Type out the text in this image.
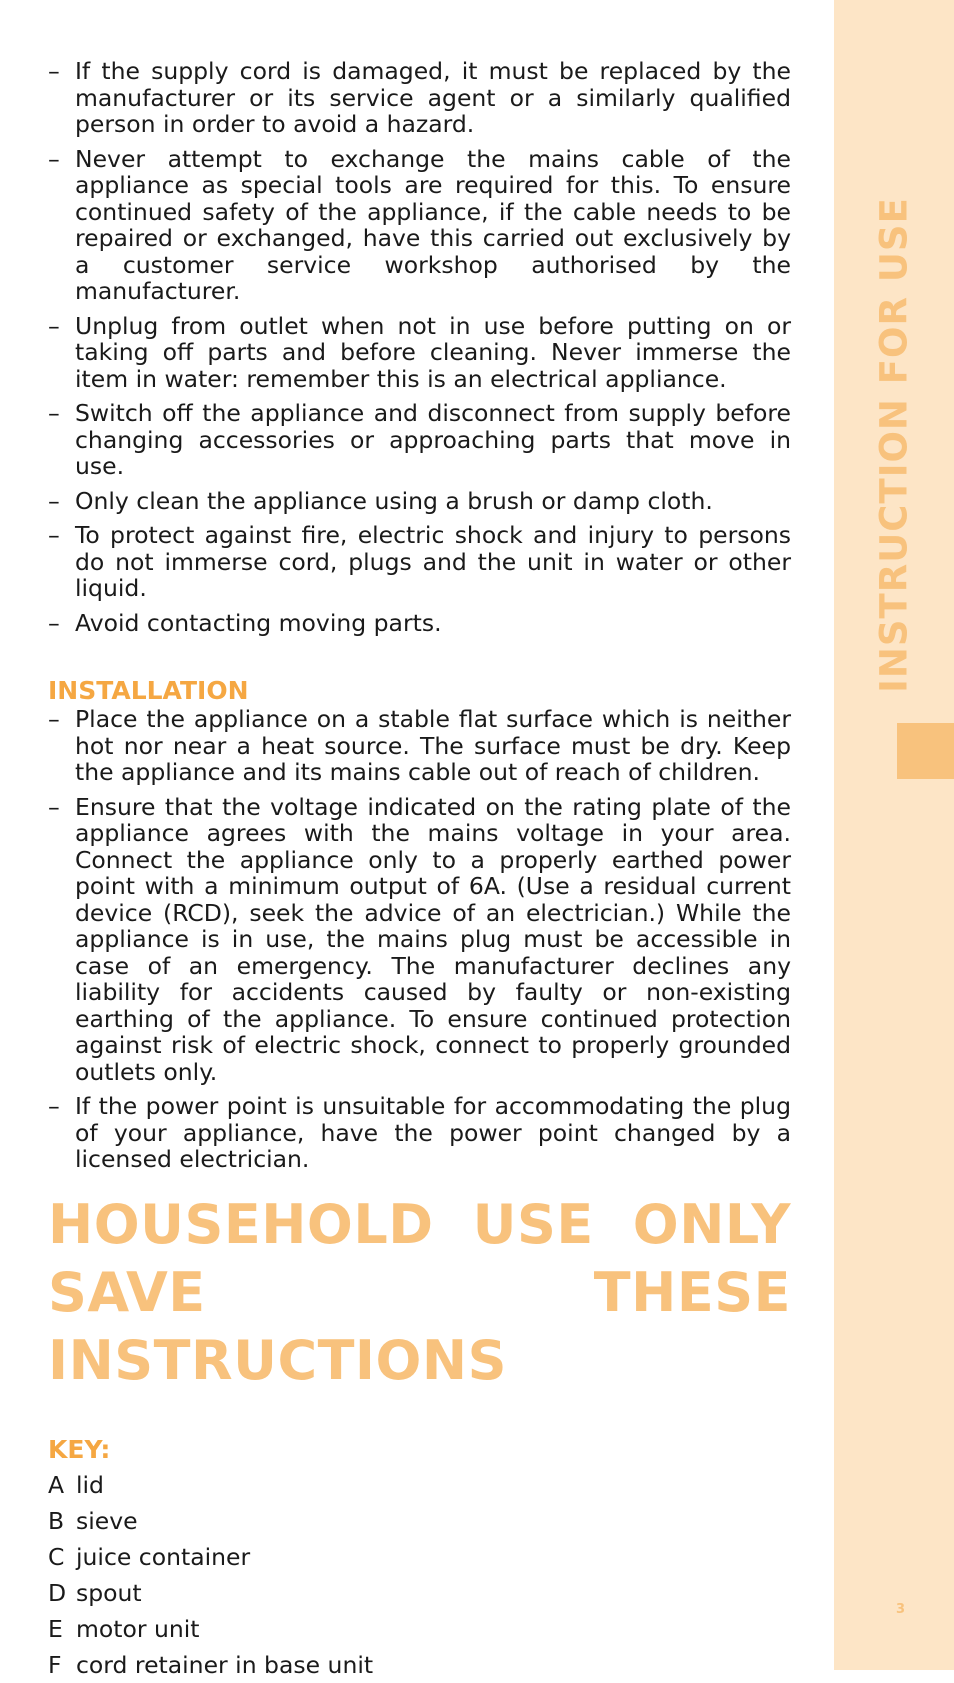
INSTRUCTION FOR USE
3
– If the supply cord is damaged, it must be replaced by the manufacturer or its service agent or a similarly qualified person in order to avoid a hazard.
– Never attempt to exchange the mains cable of the appliance as special tools are required for this. To ensure continued safety of the appliance, if the cable needs to be repaired or exchanged, have this carried out exclusively by a customer service workshop authorised by the manufacturer.
– Unplug from outlet when not in use before putting on or taking off parts and before cleaning. Never immerse the item in water: remember this is an electrical appliance.
– Switch off the appliance and disconnect from supply before changing accessories or approaching parts that move in use.
– Only clean the appliance using a brush or damp cloth.
– To protect against fire, electric shock and injury to persons do not immerse cord, plugs and the unit in water or other liquid.
– Avoid contacting moving parts.
INSTALLATION
– Place the appliance on a stable flat surface which is neither hot nor near a heat source. The surface must be dry. Keep the appliance and its mains cable out of reach of children.
– Ensure that the voltage indicated on the rating plate of the appliance agrees with the mains voltage in your area. Connect the appliance only to a properly earthed power point with a minimum output of 6A. (Use a residual current device (RCD), seek the advice of an electrician.) While the appliance is in use, the mains plug must be accessible in case of an emergency. The manufacturer declines any liability for accidents caused by faulty or non-existing earthing of the appliance. To ensure continued protection against risk of electric shock, connect to properly grounded outlets only.
– If the power point is unsuitable for accommodating the plug of your appliance, have the power point changed by a licensed electrician.
HOUSEHOLD USE ONLY SAVE THESE INSTRUCTIONS
KEY:
A lid
B sieve
C juice container
D spout
E motor unit
F cord retainer in base unit
